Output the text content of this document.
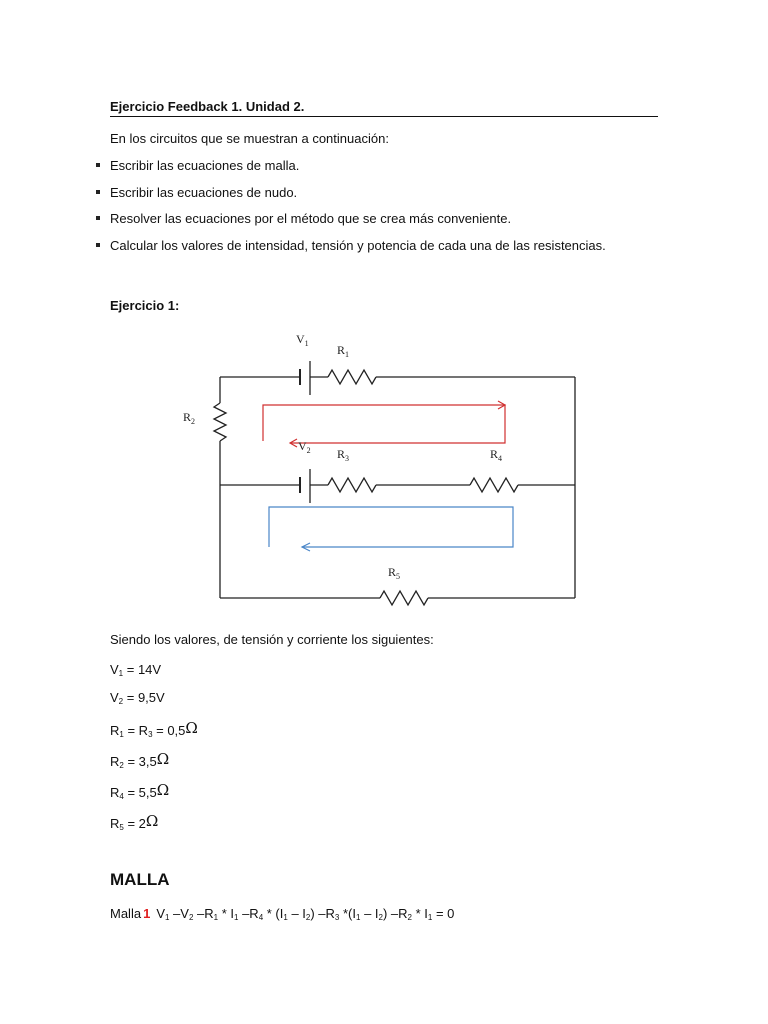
Ejercicio Feedback 1. Unidad 2.
En los circuitos que se muestran a continuación:
Escribir las ecuaciones de malla.
Escribir las ecuaciones de nudo.
Resolver las ecuaciones por el método que se crea más conveniente.
Calcular los valores de intensidad, tensión y potencia de cada una de las resistencias.
Ejercicio 1:
$V_1$ $R_1$
$R_2$
$V_2$ $R_3$	$R_4$
$R_5$
Siendo los valores, de tensión y corriente los siguientes:
$V_1 = 14V$
$V_2 = 9,5V$
$R_1 = R_3 = 0,5\Omega$
$R_2 = 3,5\Omega$
$R_4 = 5,5\Omega$
$R_5 = 2\Omega$
MALLA
Malla 1 $V_1$ $-V_2$ $-R_1 * I_1$ $-R_4 * (I_1 - I_2)$ $-R_3$ $*(I_1 - I_2)$ $-R_2 * I_1 = 0$
